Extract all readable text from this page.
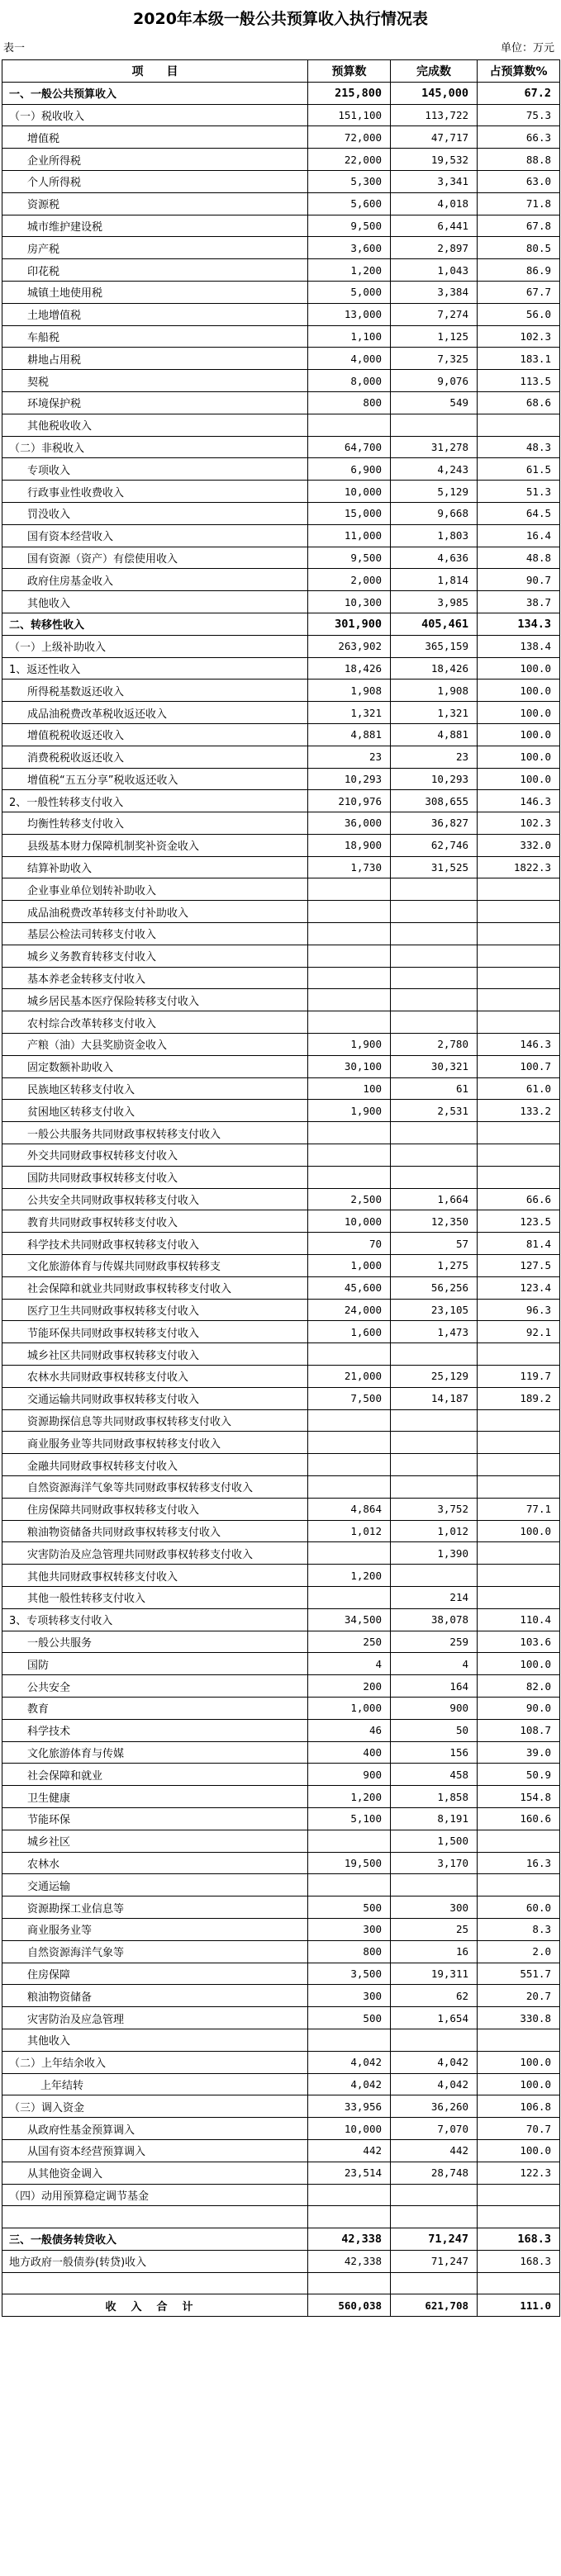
2020年本级一般公共预算收入执行情况表
表一	单位：万元
项　　目	预算数	完成数	占预算数%
一、一般公共预算收入	215,800	145,000	67.2
（一）税收收入	151,100	113,722	75.3
增值税	72,000	47,717	66.3
企业所得税	22,000	19,532	88.8
个人所得税	5,300	3,341	63.0
资源税	5,600	4,018	71.8
城市维护建设税	9,500	6,441	67.8
房产税	3,600	2,897	80.5
印花税	1,200	1,043	86.9
城镇土地使用税	5,000	3,384	67.7
土地增值税	13,000	7,274	56.0
车船税	1,100	1,125	102.3
耕地占用税	4,000	7,325	183.1
契税	8,000	9,076	113.5
环境保护税	800	549	68.6
其他税收收入			
（二）非税收入	64,700	31,278	48.3
专项收入	6,900	4,243	61.5
行政事业性收费收入	10,000	5,129	51.3
罚没收入	15,000	9,668	64.5
国有资本经营收入	11,000	1,803	16.4
国有资源（资产）有偿使用收入	9,500	4,636	48.8
政府住房基金收入	2,000	1,814	90.7
其他收入	10,300	3,985	38.7
二、转移性收入	301,900	405,461	134.3
（一）上级补助收入	263,902	365,159	138.4
1、返还性收入	18,426	18,426	100.0
所得税基数返还收入	1,908	1,908	100.0
成品油税费改革税收返还收入	1,321	1,321	100.0
增值税税收返还收入	4,881	4,881	100.0
消费税税收返还收入	23	23	100.0
增值税“五五分享”税收返还收入	10,293	10,293	100.0
2、一般性转移支付收入	210,976	308,655	146.3
均衡性转移支付收入	36,000	36,827	102.3
县级基本财力保障机制奖补资金收入	18,900	62,746	332.0
结算补助收入	1,730	31,525	1822.3
企业事业单位划转补助收入			
成品油税费改革转移支付补助收入			
基层公检法司转移支付收入			
城乡义务教育转移支付收入			
基本养老金转移支付收入			
城乡居民基本医疗保险转移支付收入			
农村综合改革转移支付收入			
产粮（油）大县奖励资金收入	1,900	2,780	146.3
固定数额补助收入	30,100	30,321	100.7
民族地区转移支付收入	100	61	61.0
贫困地区转移支付收入	1,900	2,531	133.2
一般公共服务共同财政事权转移支付收入			
外交共同财政事权转移支付收入			
国防共同财政事权转移支付收入			
公共安全共同财政事权转移支付收入	2,500	1,664	66.6
教育共同财政事权转移支付收入	10,000	12,350	123.5
科学技术共同财政事权转移支付收入	70	57	81.4
文化旅游体育与传媒共同财政事权转移支	1,000	1,275	127.5
社会保障和就业共同财政事权转移支付收入	45,600	56,256	123.4
医疗卫生共同财政事权转移支付收入	24,000	23,105	96.3
节能环保共同财政事权转移支付收入	1,600	1,473	92.1
城乡社区共同财政事权转移支付收入			
农林水共同财政事权转移支付收入	21,000	25,129	119.7
交通运输共同财政事权转移支付收入	7,500	14,187	189.2
资源勘探信息等共同财政事权转移支付收入			
商业服务业等共同财政事权转移支付收入			
金融共同财政事权转移支付收入			
自然资源海洋气象等共同财政事权转移支付收入			
住房保障共同财政事权转移支付收入	4,864	3,752	77.1
粮油物资储备共同财政事权转移支付收入	1,012	1,012	100.0
灾害防治及应急管理共同财政事权转移支付收入		1,390	
其他共同财政事权转移支付收入	1,200		
其他一般性转移支付收入		214	
3、专项转移支付收入	34,500	38,078	110.4
一般公共服务	250	259	103.6
国防	4	4	100.0
公共安全	200	164	82.0
教育	1,000	900	90.0
科学技术	46	50	108.7
文化旅游体育与传媒	400	156	39.0
社会保障和就业	900	458	50.9
卫生健康	1,200	1,858	154.8
节能环保	5,100	8,191	160.6
城乡社区		1,500	
农林水	19,500	3,170	16.3
交通运输			
资源勘探工业信息等	500	300	60.0
商业服务业等	300	25	8.3
自然资源海洋气象等	800	16	2.0
住房保障	3,500	19,311	551.7
粮油物资储备	300	62	20.7
灾害防治及应急管理	500	1,654	330.8
其他收入			
（二）上年结余收入	4,042	4,042	100.0
上年结转	4,042	4,042	100.0
（三）调入资金	33,956	36,260	106.8
从政府性基金预算调入	10,000	7,070	70.7
从国有资本经营预算调入	442	442	100.0
从其他资金调入	23,514	28,748	122.3
（四）动用预算稳定调节基金			

三、一般债务转贷收入	42,338	71,247	168.3
地方政府一般债券(转贷)收入	42,338	71,247	168.3

收入合计	560,038	621,708	111.0
